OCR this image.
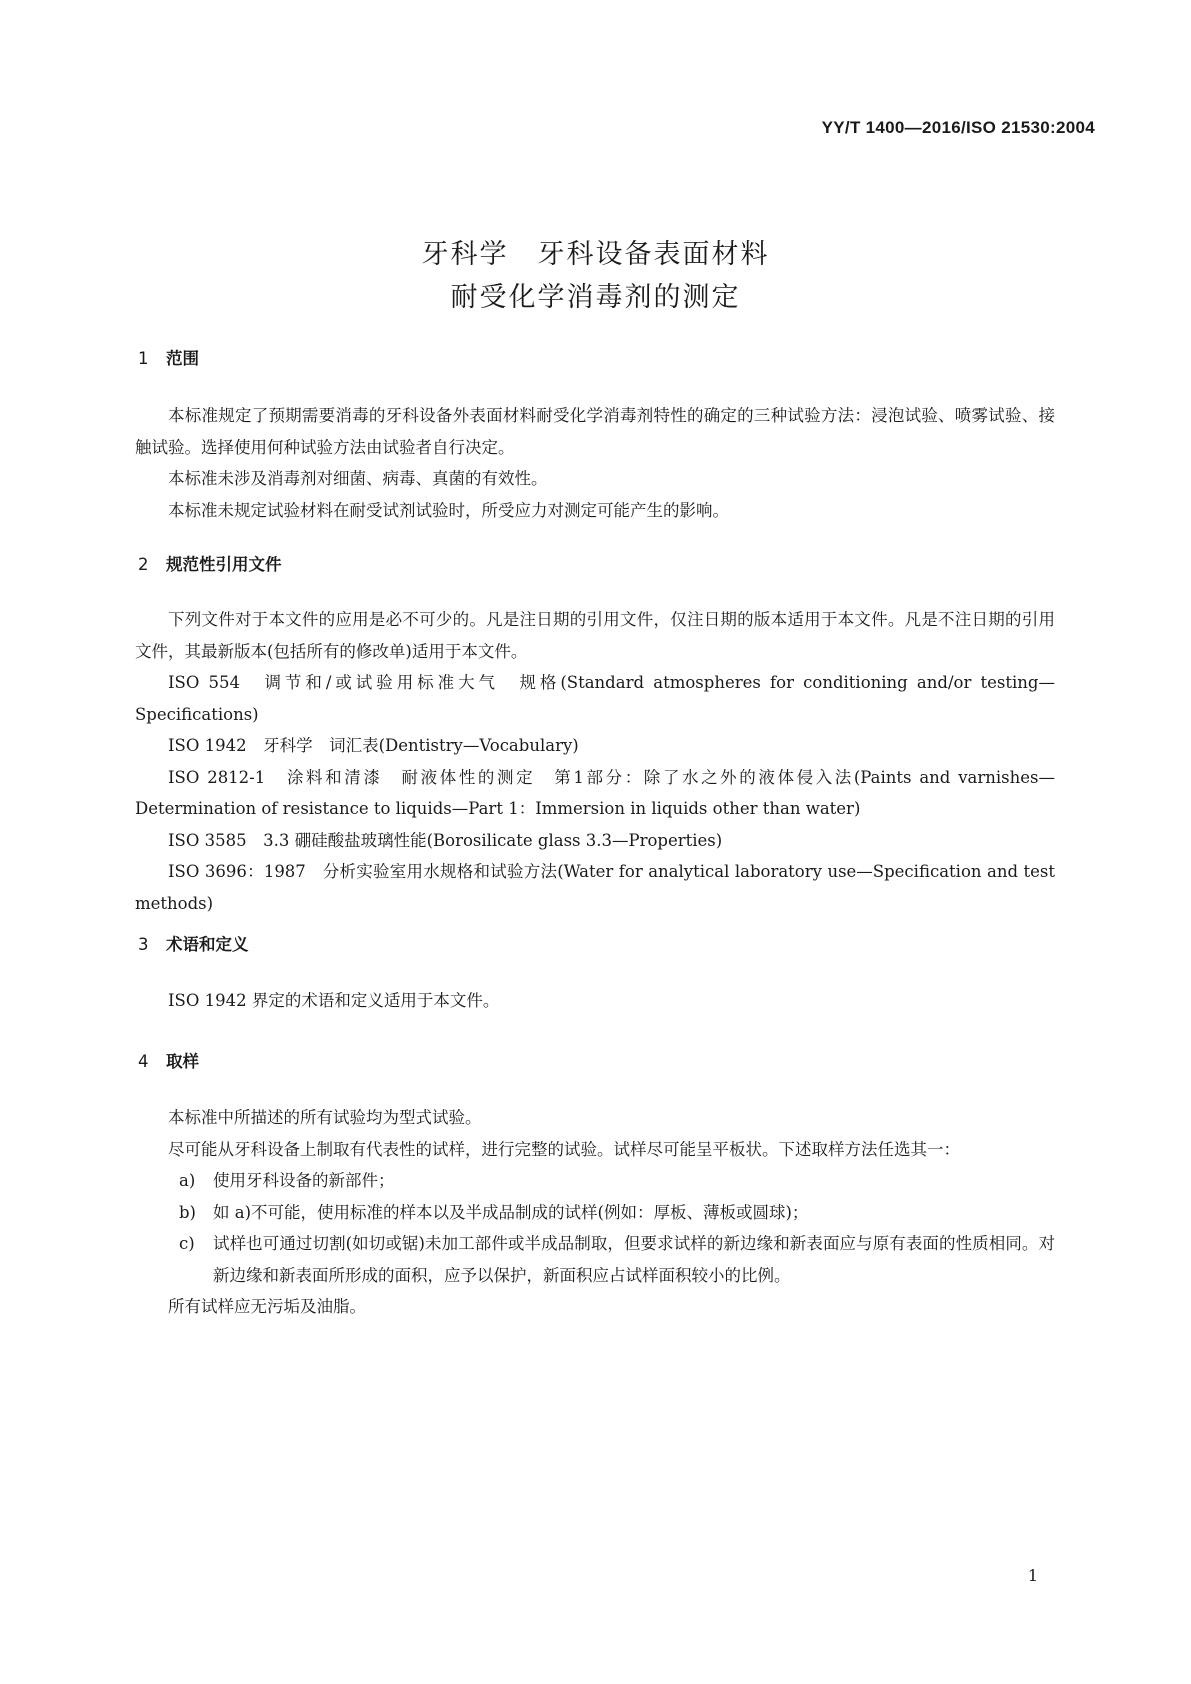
YY/T 1400—2016/ISO 21530:2004
牙科学　牙科设备表面材料
耐受化学消毒剂的测定
1 范围

本标准规定了预期需要消毒的牙科设备外表面材料耐受化学消毒剂特性的确定的三种试验方法：浸泡试验、喷雾试验、接触试验。选择使用何种试验方法由试验者自行决定。

本标准未涉及消毒剂对细菌、病毒、真菌的有效性。

本标准未规定试验材料在耐受试剂试验时，所受应力对测定可能产生的影响。

2 规范性引用文件

下列文件对于本文件的应用是必不可少的。凡是注日期的引用文件，仅注日期的版本适用于本文件。凡是不注日期的引用文件，其最新版本(包括所有的修改单)适用于本文件。

ISO 554　调节和/或试验用标准大气　规格(Standard atmospheres for conditioning and/or testing—Specifications)

ISO 1942　牙科学　词汇表(Dentistry—Vocabulary)

ISO 2812-1　涂料和清漆　耐液体性的测定　第1部分：除了水之外的液体侵入法(Paints and varnishes—Determination of resistance to liquids—Part 1：Immersion in liquids other than water)

ISO 3585　3.3 硼硅酸盐玻璃性能(Borosilicate glass 3.3—Properties)

ISO 3696：1987　分析实验室用水规格和试验方法(Water for analytical laboratory use—Specification and test methods)

3 术语和定义

ISO 1942 界定的术语和定义适用于本文件。

4 取样

本标准中所描述的所有试验均为型式试验。

尽可能从牙科设备上制取有代表性的试样，进行完整的试验。试样尽可能呈平板状。下述取样方法任选其一：

a) 使用牙科设备的新部件；

b) 如 a)不可能，使用标准的样本以及半成品制成的试样(例如：厚板、薄板或圆球)；

c) 试样也可通过切割(如切或锯)未加工部件或半成品制取，但要求试样的新边缘和新表面应与原有表面的性质相同。对新边缘和新表面所形成的面积，应予以保护，新面积应占试样面积较小的比例。

所有试样应无污垢及油脂。

1
